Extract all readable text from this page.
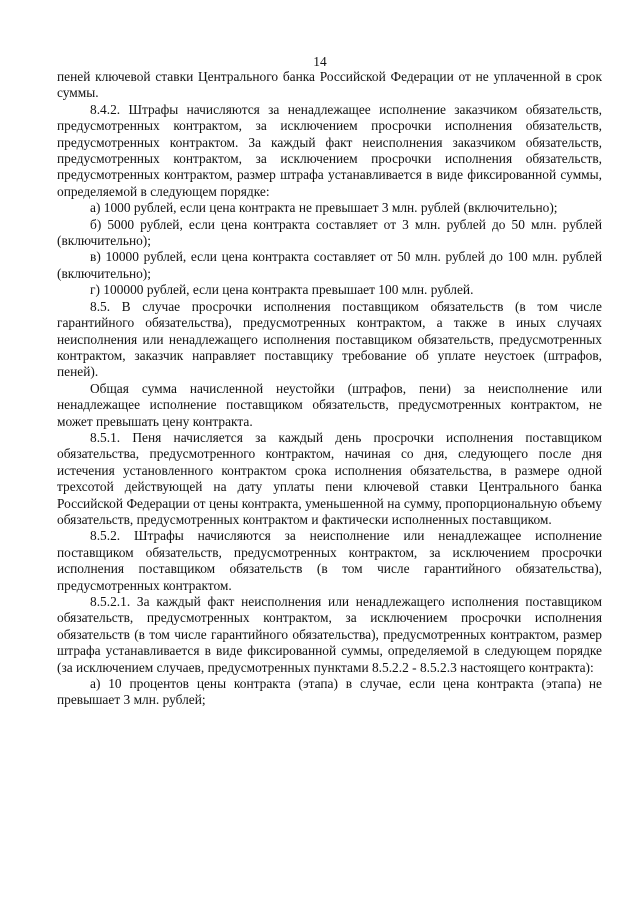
14

пеней ключевой ставки Центрального банка Российской Федерации от не уплаченной в срок суммы.

8.4.2. Штрафы начисляются за ненадлежащее исполнение заказчиком обязательств, предусмотренных контрактом, за исключением просрочки исполнения обязательств, предусмотренных контрактом. За каждый факт неисполнения заказчиком обязательств, предусмотренных контрактом, за исключением просрочки исполнения обязательств, предусмотренных контрактом, размер штрафа устанавливается в виде фиксированной суммы, определяемой в следующем порядке:

а) 1000 рублей, если цена контракта не превышает 3 млн. рублей (включительно);

б) 5000 рублей, если цена контракта составляет от 3 млн. рублей до 50 млн. рублей (включительно);

в) 10000 рублей, если цена контракта составляет от 50 млн. рублей до 100 млн. рублей (включительно);

г) 100000 рублей, если цена контракта превышает 100 млн. рублей.

8.5. В случае просрочки исполнения поставщиком обязательств (в том числе гарантийного обязательства), предусмотренных контрактом, а также в иных случаях неисполнения или ненадлежащего исполнения поставщиком обязательств, предусмотренных контрактом, заказчик направляет поставщику требование об уплате неустоек (штрафов, пеней).

Общая сумма начисленной неустойки (штрафов, пени) за неисполнение или ненадлежащее исполнение поставщиком обязательств, предусмотренных контрактом, не может превышать цену контракта.

8.5.1. Пеня начисляется за каждый день просрочки исполнения поставщиком обязательства, предусмотренного контрактом, начиная со дня, следующего после дня истечения установленного контрактом срока исполнения обязательства, в размере одной трехсотой действующей на дату уплаты пени ключевой ставки Центрального банка Российской Федерации от цены контракта, уменьшенной на сумму, пропорциональную объему обязательств, предусмотренных контрактом и фактически исполненных поставщиком.

8.5.2. Штрафы начисляются за неисполнение или ненадлежащее исполнение поставщиком обязательств, предусмотренных контрактом, за исключением просрочки исполнения поставщиком обязательств (в том числе гарантийного обязательства), предусмотренных контрактом.

8.5.2.1. За каждый факт неисполнения или ненадлежащего исполнения поставщиком обязательств, предусмотренных контрактом, за исключением просрочки исполнения обязательств (в том числе гарантийного обязательства), предусмотренных контрактом, размер штрафа устанавливается в виде фиксированной суммы, определяемой в следующем порядке (за исключением случаев, предусмотренных пунктами 8.5.2.2 - 8.5.2.3 настоящего контракта):

а) 10 процентов цены контракта (этапа) в случае, если цена контракта (этапа) не превышает 3 млн. рублей;
